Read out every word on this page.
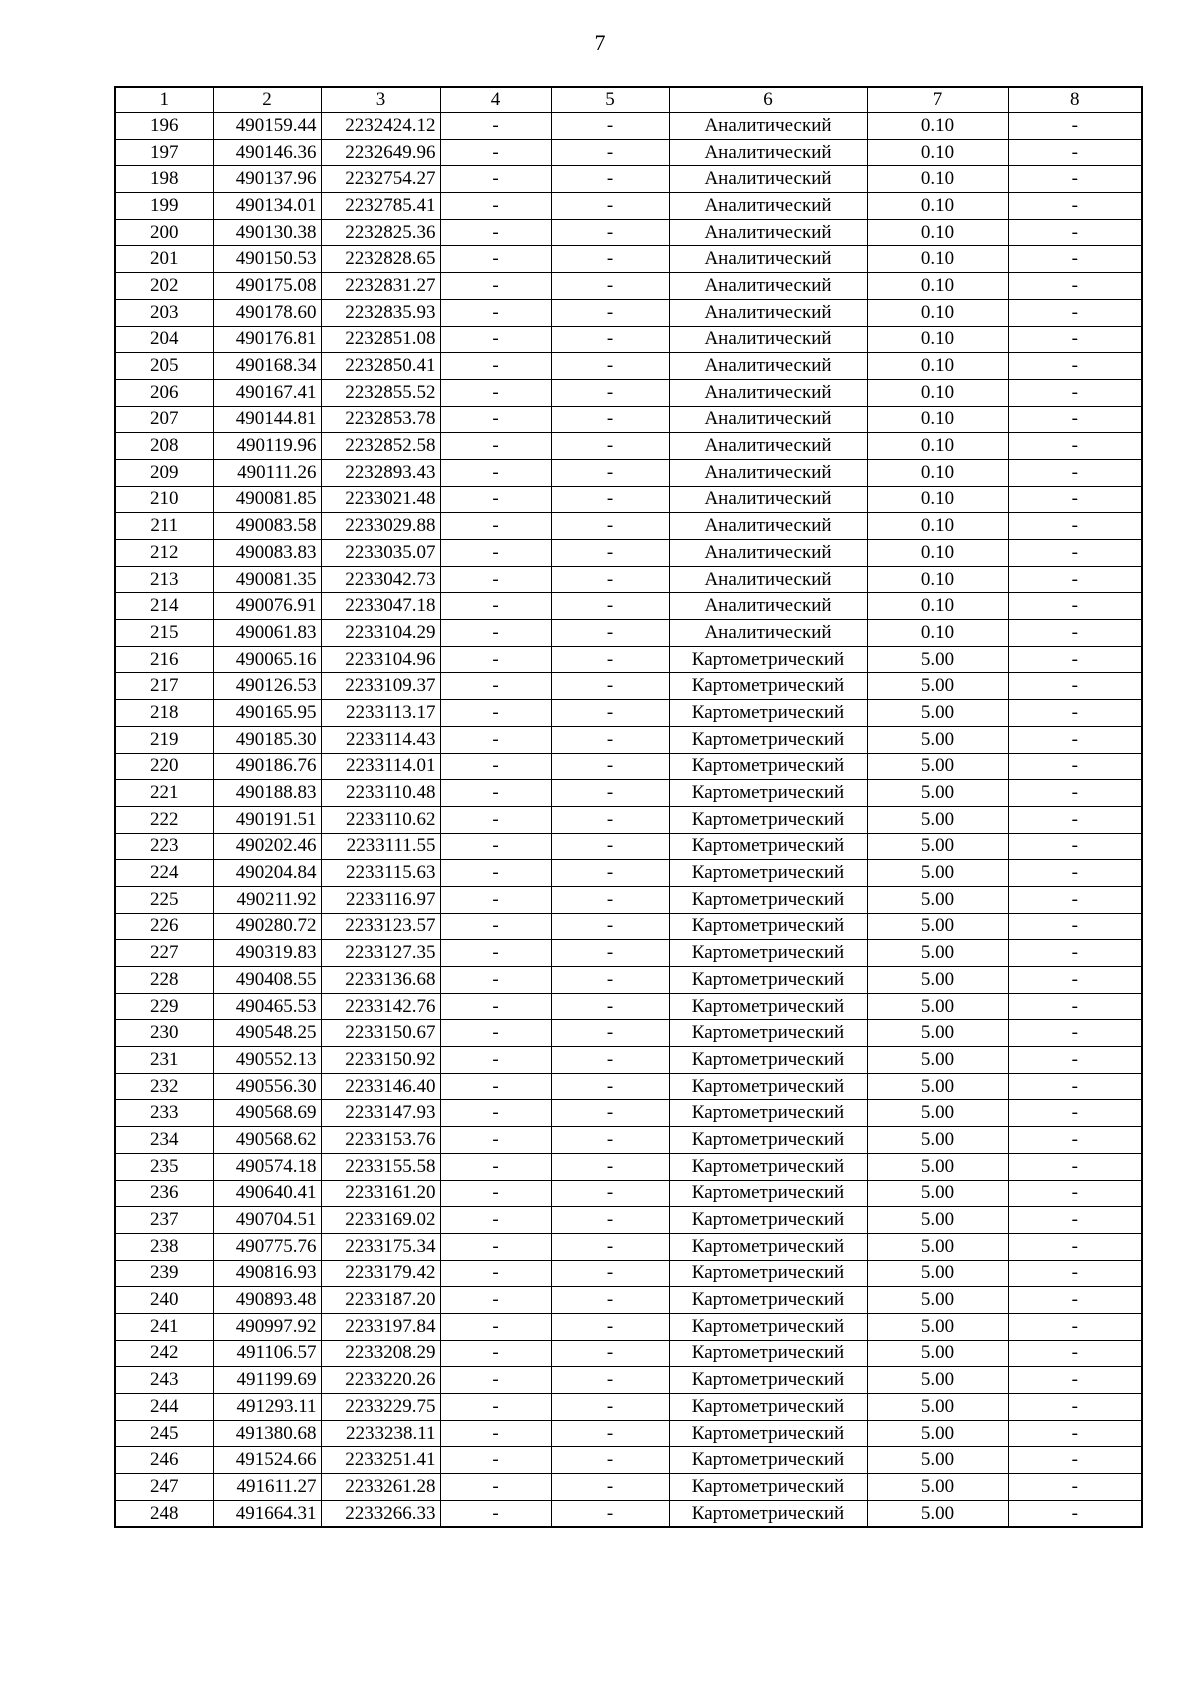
7
1	2	3	4	5	6	7	8
196	490159.44	2232424.12	-	-	Аналитический	0.10	-
197	490146.36	2232649.96	-	-	Аналитический	0.10	-
198	490137.96	2232754.27	-	-	Аналитический	0.10	-
199	490134.01	2232785.41	-	-	Аналитический	0.10	-
200	490130.38	2232825.36	-	-	Аналитический	0.10	-
201	490150.53	2232828.65	-	-	Аналитический	0.10	-
202	490175.08	2232831.27	-	-	Аналитический	0.10	-
203	490178.60	2232835.93	-	-	Аналитический	0.10	-
204	490176.81	2232851.08	-	-	Аналитический	0.10	-
205	490168.34	2232850.41	-	-	Аналитический	0.10	-
206	490167.41	2232855.52	-	-	Аналитический	0.10	-
207	490144.81	2232853.78	-	-	Аналитический	0.10	-
208	490119.96	2232852.58	-	-	Аналитический	0.10	-
209	490111.26	2232893.43	-	-	Аналитический	0.10	-
210	490081.85	2233021.48	-	-	Аналитический	0.10	-
211	490083.58	2233029.88	-	-	Аналитический	0.10	-
212	490083.83	2233035.07	-	-	Аналитический	0.10	-
213	490081.35	2233042.73	-	-	Аналитический	0.10	-
214	490076.91	2233047.18	-	-	Аналитический	0.10	-
215	490061.83	2233104.29	-	-	Аналитический	0.10	-
216	490065.16	2233104.96	-	-	Картометрический	5.00	-
217	490126.53	2233109.37	-	-	Картометрический	5.00	-
218	490165.95	2233113.17	-	-	Картометрический	5.00	-
219	490185.30	2233114.43	-	-	Картометрический	5.00	-
220	490186.76	2233114.01	-	-	Картометрический	5.00	-
221	490188.83	2233110.48	-	-	Картометрический	5.00	-
222	490191.51	2233110.62	-	-	Картометрический	5.00	-
223	490202.46	2233111.55	-	-	Картометрический	5.00	-
224	490204.84	2233115.63	-	-	Картометрический	5.00	-
225	490211.92	2233116.97	-	-	Картометрический	5.00	-
226	490280.72	2233123.57	-	-	Картометрический	5.00	-
227	490319.83	2233127.35	-	-	Картометрический	5.00	-
228	490408.55	2233136.68	-	-	Картометрический	5.00	-
229	490465.53	2233142.76	-	-	Картометрический	5.00	-
230	490548.25	2233150.67	-	-	Картометрический	5.00	-
231	490552.13	2233150.92	-	-	Картометрический	5.00	-
232	490556.30	2233146.40	-	-	Картометрический	5.00	-
233	490568.69	2233147.93	-	-	Картометрический	5.00	-
234	490568.62	2233153.76	-	-	Картометрический	5.00	-
235	490574.18	2233155.58	-	-	Картометрический	5.00	-
236	490640.41	2233161.20	-	-	Картометрический	5.00	-
237	490704.51	2233169.02	-	-	Картометрический	5.00	-
238	490775.76	2233175.34	-	-	Картометрический	5.00	-
239	490816.93	2233179.42	-	-	Картометрический	5.00	-
240	490893.48	2233187.20	-	-	Картометрический	5.00	-
241	490997.92	2233197.84	-	-	Картометрический	5.00	-
242	491106.57	2233208.29	-	-	Картометрический	5.00	-
243	491199.69	2233220.26	-	-	Картометрический	5.00	-
244	491293.11	2233229.75	-	-	Картометрический	5.00	-
245	491380.68	2233238.11	-	-	Картометрический	5.00	-
246	491524.66	2233251.41	-	-	Картометрический	5.00	-
247	491611.27	2233261.28	-	-	Картометрический	5.00	-
248	491664.31	2233266.33	-	-	Картометрический	5.00	-
